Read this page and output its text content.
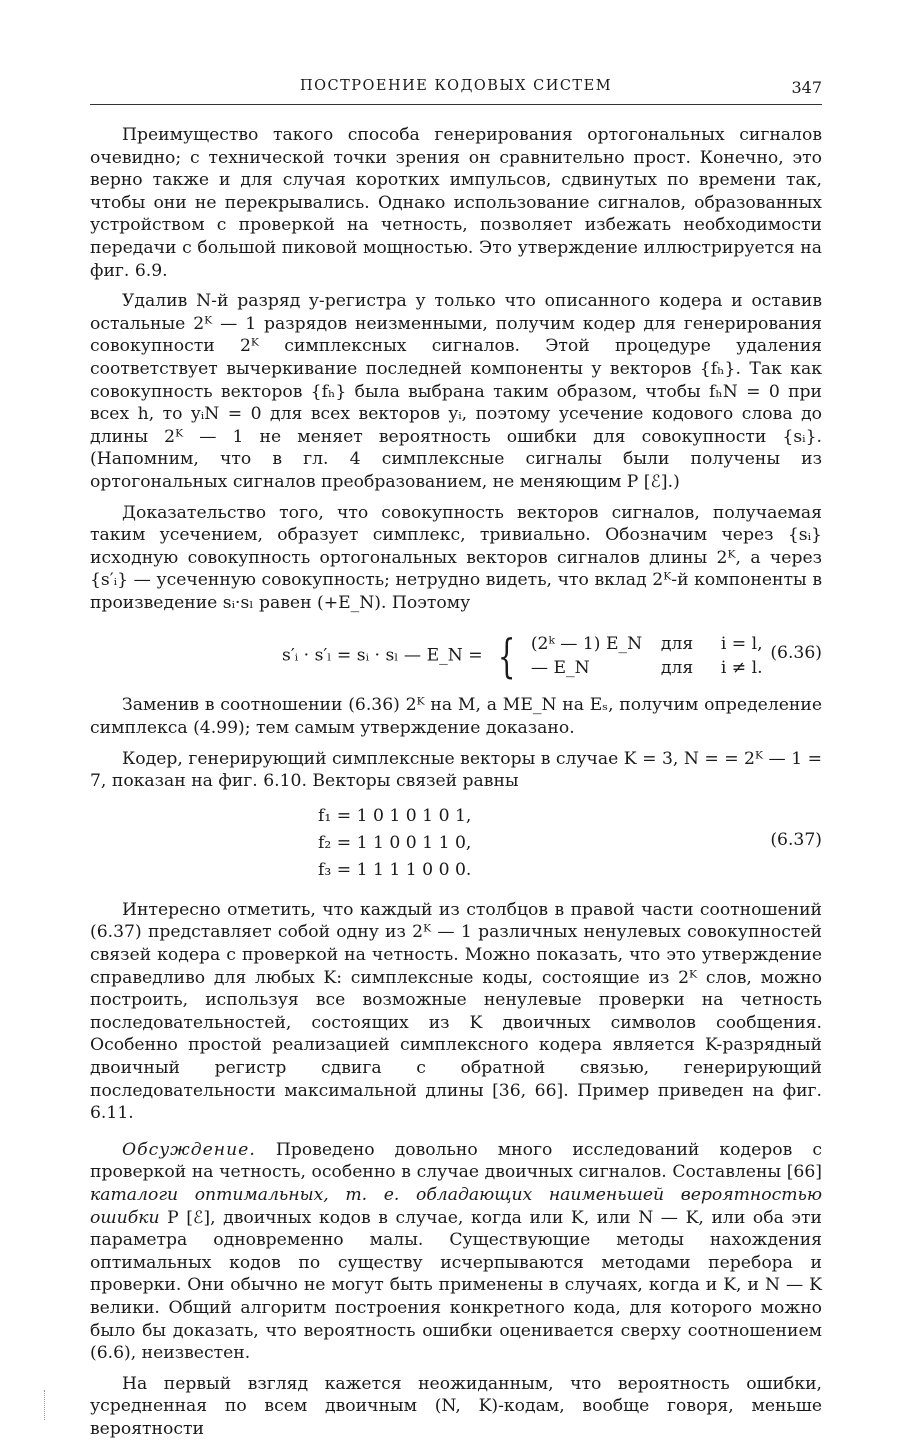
ПОСТРОЕНИЕ КОДОВЫХ СИСТЕМ	347

Преимущество такого способа генерирования ортогональных сигналов очевидно; с технической точки зрения он сравнительно прост. Конечно, это верно также и для случая коротких импульсов, сдвинутых по времени так, чтобы они не перекрывались. Однако использование сигналов, образованных устройством с проверкой на четность, позволяет избежать необходимости передачи с большой пиковой мощностью. Это утверждение иллюстрируется на фиг. 6.9.

Удалив N-й разряд y-регистра у только что описанного кодера и оставив остальные 2ᴷ — 1 разрядов неизменными, получим кодер для генерирования совокупности 2ᴷ симплексных сигналов. Этой процедуре удаления соответствует вычеркивание последней компоненты у векторов {fₕ}. Так как совокупность векторов {fₕ} была выбрана таким образом, чтобы fₕN = 0 при всех h, то yᵢN = 0 для всех векторов yᵢ, поэтому усечение кодового слова до длины 2ᴷ — 1 не меняет вероятность ошибки для совокупности {sᵢ}. (Напомним, что в гл. 4 симплексные сигналы были получены из ортогональных сигналов преобразованием, не меняющим P [ℰ].)

Доказательство того, что совокупность векторов сигналов, получаемая таким усечением, образует симплекс, тривиально. Обозначим через {sᵢ} исходную совокупность ортогональных векторов сигналов длины 2ᴷ, а через {s′ᵢ} — усеченную совокупность; нетрудно видеть, что вклад 2ᴷ-й компоненты в произведение sᵢ·sₗ равен (+E_N). Поэтому

s′ᵢ · s′ₗ = sᵢ · sₗ — E_N = { (2ᵏ — 1) E_N для i = l,
— E_N	для i ≠ l.
(6.36)

Заменив в соотношении (6.36) 2ᴷ на M, а ME_N на Eₛ, получим определение симплекса (4.99); тем самым утверждение доказано.

Кодер, генерирующий симплексные векторы в случае K = 3, N = = 2ᴷ — 1 = 7, показан на фиг. 6.10. Векторы связей равны

f₁ = 1 0 1 0 1 0 1,
f₂ = 1 1 0 0 1 1 0,
f₃ = 1 1 1 1 0 0 0.
(6.37)

Интересно отметить, что каждый из столбцов в правой части соотношений (6.37) представляет собой одну из 2ᴷ — 1 различных ненулевых совокупностей связей кодера с проверкой на четность. Можно показать, что это утверждение справедливо для любых K: симплексные коды, состоящие из 2ᴷ слов, можно построить, используя все возможные ненулевые проверки на четность последовательностей, состоящих из K двоичных символов сообщения. Особенно простой реализацией симплексного кодера является K-разрядный двоичный регистр сдвига с обратной связью, генерирующий последовательности максимальной длины [36, 66]. Пример приведен на фиг. 6.11.

Обсуждение. Проведено довольно много исследований кодеров с проверкой на четность, особенно в случае двоичных сигналов. Составлены [66] каталоги оптимальных, т. е. обладающих наименьшей вероятностью ошибки P [ℰ], двоичных кодов в случае, когда или K, или N — K, или оба эти параметра одновременно малы. Существующие методы нахождения оптимальных кодов по существу исчерпываются методами перебора и проверки. Они обычно не могут быть применены в случаях, когда и K, и N — K велики. Общий алгоритм построения конкретного кода, для которого можно было бы доказать, что вероятность ошибки оценивается сверху соотношением (6.6), неизвестен.

На первый взгляд кажется неожиданным, что вероятность ошибки, усредненная по всем двоичным (N, K)-кодам, вообще говоря, меньше вероятности
